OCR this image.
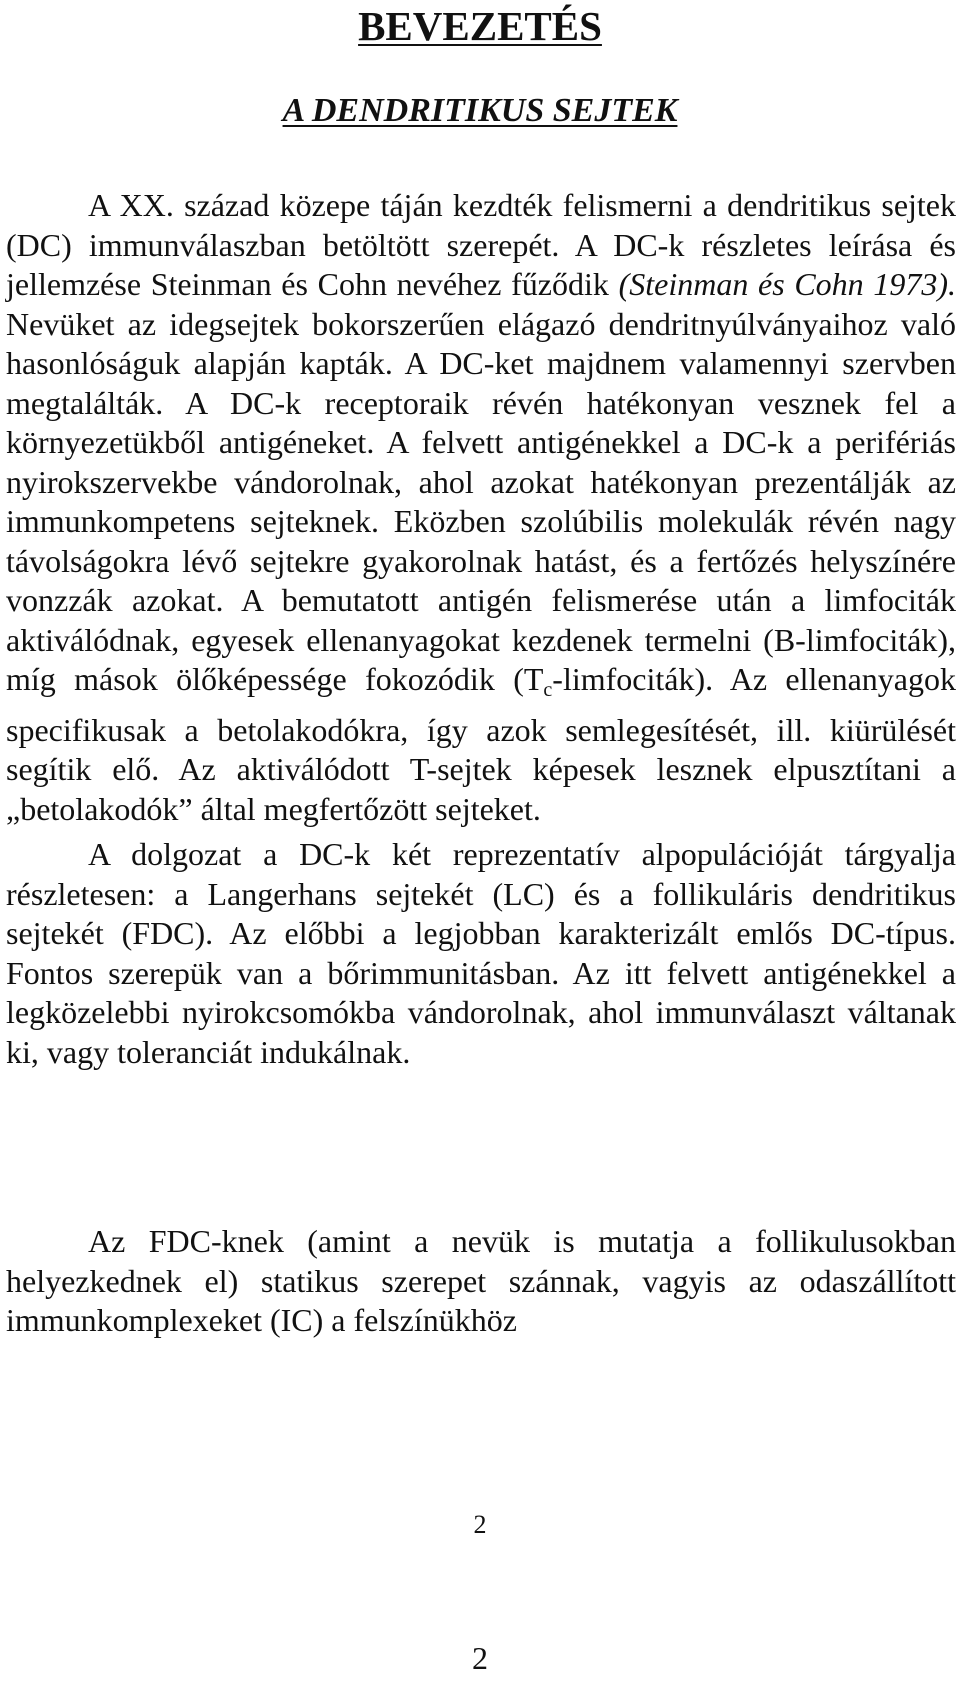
BEVEZETÉS
A DENDRITIKUS SEJTEK

A XX. század közepe táján kezdték felismerni a dendritikus sejtek (DC) immunválaszban betöltött szerepét. A DC-k részletes leírása és jellemzése Steinman és Cohn nevéhez fűződik (Steinman és Cohn 1973). Nevüket az idegsejtek bokorszerűen elágazó dendritnyúlványaihoz való hasonlóságuk alapján kapták. A DC-ket majdnem valamennyi szervben megtalálták. A DC-k receptoraik révén hatékonyan vesznek fel a környezetükből antigéneket. A felvett antigénekkel a DC-k a perifériás nyirokszervekbe vándorolnak, ahol azokat hatékonyan prezentálják az immunkompetens sejteknek. Eközben szolúbilis molekulák révén nagy távolságokra lévő sejtekre gyakorolnak hatást, és a fertőzés helyszínére vonzzák azokat. A bemutatott antigén felismerése után a limfociták aktiválódnak, egyesek ellenanyagokat kezdenek termelni (B-limfociták), míg mások ölőképessége fokozódik $(T_c-limfociták)$. Az ellenanyagok specifikusak a betolakodókra, így azok semlegesítését, ill. kiürülését segítik elő. Az aktiválódott T-sejtek képesek lesznek elpusztítani a „betolakodók” által megfertőzött sejteket.

A dolgozat a DC-k két reprezentatív alpopulációját tárgyalja részletesen: a Langerhans sejtekét (LC) és a follikuláris dendritikus sejtekét (FDC). Az előbbi a legjobban karakterizált emlős DC-típus. Fontos szerepük van a bőrimmunitásban. Az itt felvett antigénekkel a legközelebbi nyirokcsomókba vándorolnak, ahol immunválaszt váltanak ki, vagy toleranciát indukálnak.

Az FDC-knek (amint a nevük is mutatja a follikulusokban helyezkednek el) statikus szerepet szánnak, vagyis az odaszállított immunkomplexeket (IC) a felszínükhöz

2
2
